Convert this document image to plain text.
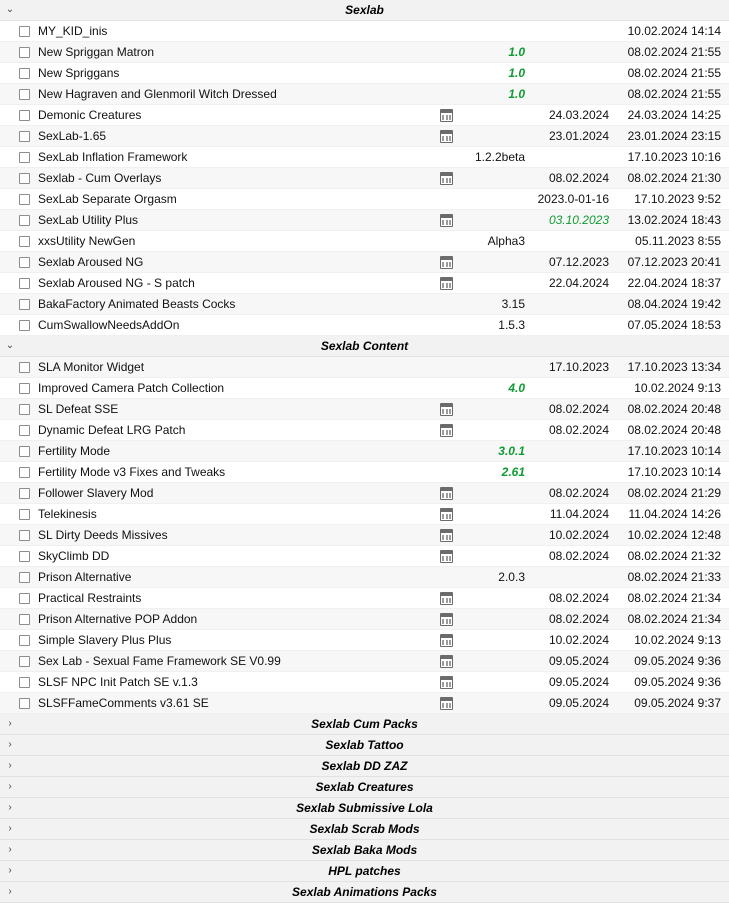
⌄	Sexlab
MY_KID_inis	10.02.2024 14:14
New Spriggan Matron	1.0	08.02.2024 21:55
New Spriggans	1.0	08.02.2024 21:55
New Hagraven and Glenmoril Witch Dressed	1.0	08.02.2024 21:55
Demonic Creatures	24.03.2024	24.03.2024 14:25
SexLab-1.65	23.01.2024	23.01.2024 23:15
SexLab Inflation Framework	1.2.2beta	17.10.2023 10:16
Sexlab - Cum Overlays	08.02.2024	08.02.2024 21:30
SexLab Separate Orgasm	2023.0-01-16	17.10.2023 9:52
SexLab Utility Plus	03.10.2023	13.02.2024 18:43
xxsUtility NewGen	Alpha3	05.11.2023 8:55
Sexlab Aroused NG	07.12.2023	07.12.2023 20:41
Sexlab Aroused NG - S patch	22.04.2024	22.04.2024 18:37
BakaFactory Animated Beasts Cocks	3.15	08.04.2024 19:42
CumSwallowNeedsAddOn	1.5.3	07.05.2024 18:53
⌄	Sexlab Content
SLA Monitor Widget	17.10.2023	17.10.2023 13:34
Improved Camera Patch Collection	4.0	10.02.2024 9:13
SL Defeat SSE	08.02.2024	08.02.2024 20:48
Dynamic Defeat LRG Patch	08.02.2024	08.02.2024 20:48
Fertility Mode	3.0.1	17.10.2023 10:14
Fertility Mode v3 Fixes and Tweaks	2.61	17.10.2023 10:14
Follower Slavery Mod	08.02.2024	08.02.2024 21:29
Telekinesis	11.04.2024	11.04.2024 14:26
SL Dirty Deeds Missives	10.02.2024	10.02.2024 12:48
SkyClimb DD	08.02.2024	08.02.2024 21:32
Prison Alternative	2.0.3	08.02.2024 21:33
Practical Restraints	08.02.2024	08.02.2024 21:34
Prison Alternative POP Addon	08.02.2024	08.02.2024 21:34
Simple Slavery Plus Plus	10.02.2024	10.02.2024 9:13
Sex Lab - Sexual Fame Framework SE V0.99	09.05.2024	09.05.2024 9:36
SLSF NPC Init Patch SE v.1.3	09.05.2024	09.05.2024 9:36
SLSFFameComments v3.61 SE	09.05.2024	09.05.2024 9:37
›	Sexlab Cum Packs
›	Sexlab Tattoo
›	Sexlab DD ZAZ
›	Sexlab Creatures
›	Sexlab Submissive Lola
›	Sexlab Scrab Mods
›	Sexlab Baka Mods
›	HPL patches
›	Sexlab Animations Packs
